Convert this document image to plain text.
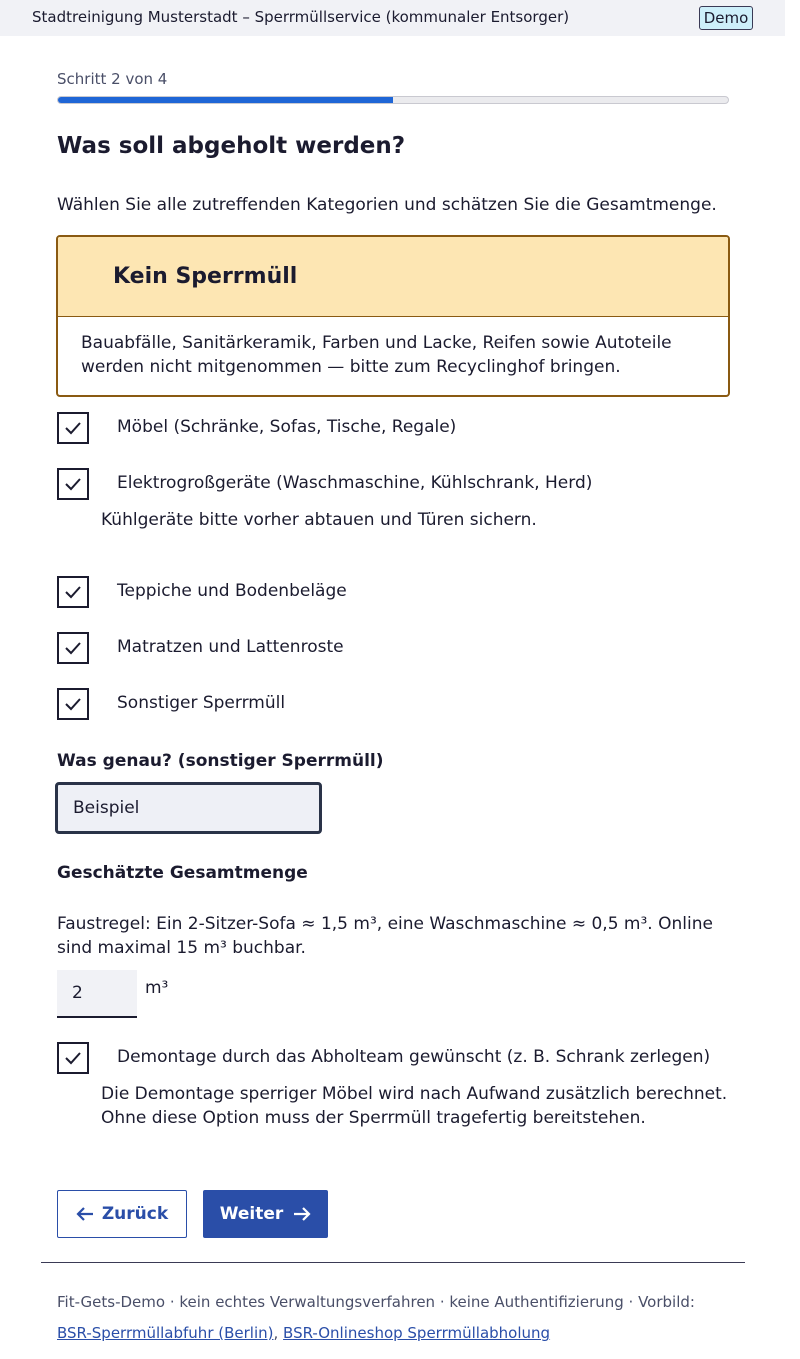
Stadtreinigung Musterstadt – Sperrmüllservice (kommunaler Entsorger)	Demo
Schritt 2 von 4
Was soll abgeholt werden?

Wählen Sie alle zutreffenden Kategorien und schätzen Sie die Gesamtmenge.

Kein Sperrmüll
Bauabfälle, Sanitärkeramik, Farben und Lacke, Reifen sowie Autoteile werden nicht mitgenommen — bitte zum Recyclinghof bringen.
Möbel (Schränke, Sofas, Tische, Regale)
Elektrogroßgeräte (Waschmaschine, Kühlschrank, Herd)
Kühlgeräte bitte vorher abtauen und Türen sichern.
Teppiche und Bodenbeläge
Matratzen und Lattenroste
Sonstiger Sperrmüll
Was genau? (sonstiger Sperrmüll)
Beispiel
Geschätzte Gesamtmenge

Faustregel: Ein 2-Sitzer-Sofa ≈ 1,5 m³, eine Waschmaschine ≈ 0,5 m³. Online sind maximal 15 m³ buchbar.

2
m³
Demontage durch das Abholteam gewünscht (z. B. Schrank zerlegen)

Die Demontage sperriger Möbel wird nach Aufwand zusätzlich berechnet. Ohne diese Option muss der Sperrmüll tragefertig bereitstehen.

Zurück	Weiter
Fit-Gets-Demo · kein echtes Verwaltungsverfahren · keine Authentifizierung · Vorbild:
BSR-Sperrmüllabfuhr (Berlin), BSR-Onlineshop Sperrmüllabholung
